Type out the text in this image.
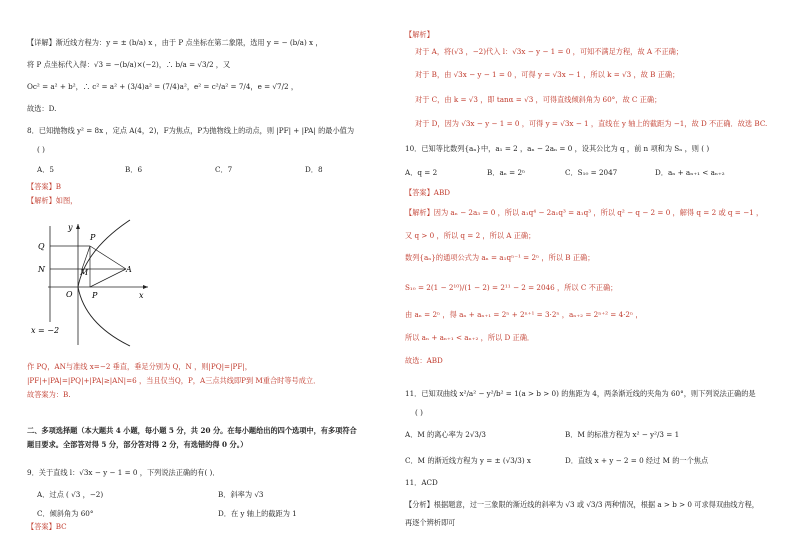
【详解】渐近线方程为：y = ± (b/a) x ，由于 P 点坐标在第二象限，选用 y = − (b/a) x ，
将 P 点坐标代入得：√3 = −(b/a)×(−2)，∴ b/a = √3/2 ，又
Oc² = a² + b²，∴ c² = a² + (3/4)a² = (7/4)a²，e² = c²/a² = 7/4，e = √7/2 ，
故选：D.
8．已知抛物线 y² = 8x ，定点 A(4，2)，F为焦点，P为抛物线上的动点，则 |PF| + |PA| 的最小值为
( )
A．5	B．6	C．7	D．8
【答案】B
【解析】如图，
y
x
Q
P
N	M	A
O P
x = −2
作 PQ，AN与准线 x=−2 垂直，垂足分别为 Q，N ，则|PQ|=|PF|，
|PF|+|PA|=|PQ|+|PA|≥|AN|=6 ，当且仅当Q，P，A三点共线即P到 M重合时等号成立．
故答案为：B.
二、多项选择题（本大题共 4 小题，每小题 5 分，共 20 分。在每小题给出的四个选项中，有多项符合
题目要求。全部答对得 5 分，部分答对得 2 分，有选错的得 0 分。）
9．关于直线 l：√3x − y − 1 = 0 ，下列说法正确的有( )．
A．过点 ( √3 ，−2)	B．斜率为 √3
C．倾斜角为 60°	D．在 y 轴上的截距为 1
【答案】BC
【解析】
对于 A，将(√3 ，−2)代入 l：√3x − y − 1 = 0 ，可知不满足方程，故 A 不正确；
对于 B，由 √3x − y − 1 = 0 ，可得 y = √3x − 1 ，所以 k = √3 ，故 B 正确；
对于 C，由 k = √3 ，即 tanα = √3 ，可得直线倾斜角为 60°，故 C 正确；
对于 D，因为 √3x − y − 1 = 0 ，可得 y = √3x − 1 ，直线在 y 轴上的截距为 −1，故 D 不正确．故选 BC.
10．已知等比数列{aₙ}中，a₁ = 2 ，aₙ − 2aₙ = 0 ，设其公比为 q ，前 n 项和为 Sₙ ，则 ( )
A．q = 2	B．aₙ = 2ⁿ	C．S₁₀ = 2047	D．aₙ + aₙ₊₁ < aₙ₊₂
【答案】ABD
【解析】因为 aₙ − 2a₃ = 0 ，所以 a₁q⁴ − 2a₁q³ = a₁q³ ，所以 q² − q − 2 = 0 ，解得 q = 2 或 q = −1 ，
又 q > 0 ，所以 q = 2 ，所以 A 正确；
数列{aₙ}的通项公式为 aₙ = a₁qⁿ⁻¹ = 2ⁿ ，所以 B 正确；
S₁₀ = 2(1 − 2¹⁰)/(1 − 2) = 2¹¹ − 2 = 2046 ，所以 C 不正确；
由 aₙ = 2ⁿ ，得 aₙ + aₙ₊₁ = 2ⁿ + 2ⁿ⁺¹ = 3·2ⁿ ，aₙ₊₂ = 2ⁿ⁺² = 4·2ⁿ ，
所以 aₙ + aₙ₊₁ < aₙ₊₂ ，所以 D 正确．
故选：ABD
11．已知双曲线 x²/a² − y²/b² = 1(a > b > 0) 的焦距为 4，两条渐近线的夹角为 60°，则下列说法正确的是
( )
A．M 的离心率为 2√3/3	B．M 的标准方程为 x² − y²/3 = 1
C．M 的渐近线方程为 y = ± (√3/3) x	D．直线 x + y − 2 = 0 经过 M 的一个焦点
11．ACD
【分析】根据题意，过一三象限的渐近线的斜率为 √3 或 √3/3 两种情况，根据 a > b > 0 可求得双曲线方程，
再逐个辨析即可
